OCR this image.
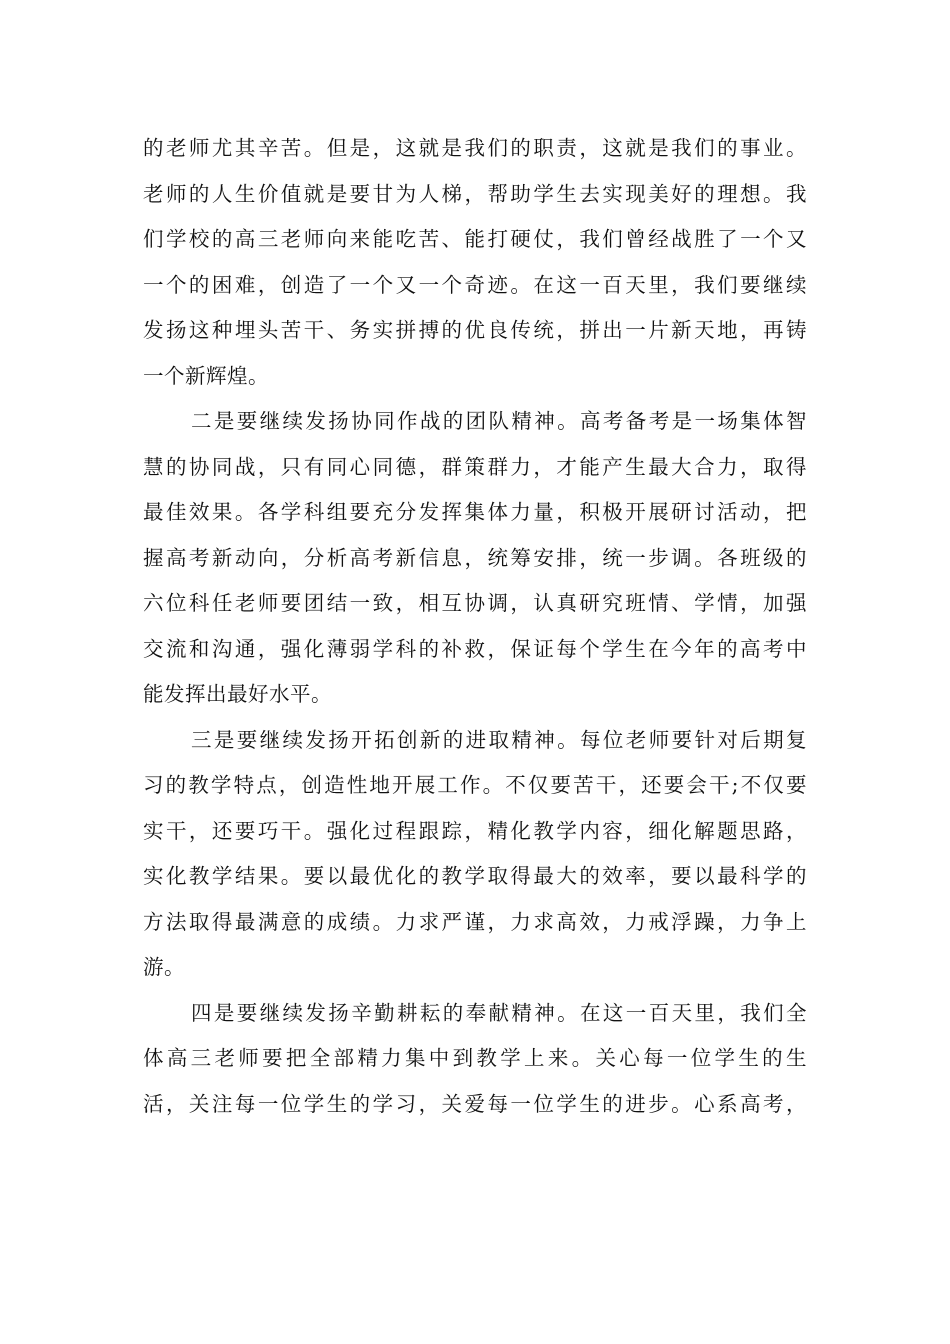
的老师尤其辛苦。但是，这就是我们的职责，这就是我们的事业。
老师的人生价值就是要甘为人梯，帮助学生去实现美好的理想。我
们学校的高三老师向来能吃苦、能打硬仗，我们曾经战胜了一个又
一个的困难，创造了一个又一个奇迹。在这一百天里，我们要继续
发扬这种埋头苦干、务实拼搏的优良传统，拼出一片新天地，再铸
一个新辉煌。
二是要继续发扬协同作战的团队精神。高考备考是一场集体智
慧的协同战，只有同心同德，群策群力，才能产生最大合力，取得
最佳效果。各学科组要充分发挥集体力量，积极开展研讨活动，把
握高考新动向，分析高考新信息，统筹安排，统一步调。各班级的
六位科任老师要团结一致，相互协调，认真研究班情、学情，加强
交流和沟通，强化薄弱学科的补救，保证每个学生在今年的高考中
能发挥出最好水平。
三是要继续发扬开拓创新的进取精神。每位老师要针对后期复
习的教学特点，创造性地开展工作。不仅要苦干，还要会干;不仅要
实干，还要巧干。强化过程跟踪，精化教学内容，细化解题思路，
实化教学结果。要以最优化的教学取得最大的效率，要以最科学的
方法取得最满意的成绩。力求严谨，力求高效，力戒浮躁，力争上
游。
四是要继续发扬辛勤耕耘的奉献精神。在这一百天里，我们全
体高三老师要把全部精力集中到教学上来。关心每一位学生的生
活，关注每一位学生的学习，关爱每一位学生的进步。心系高考，
